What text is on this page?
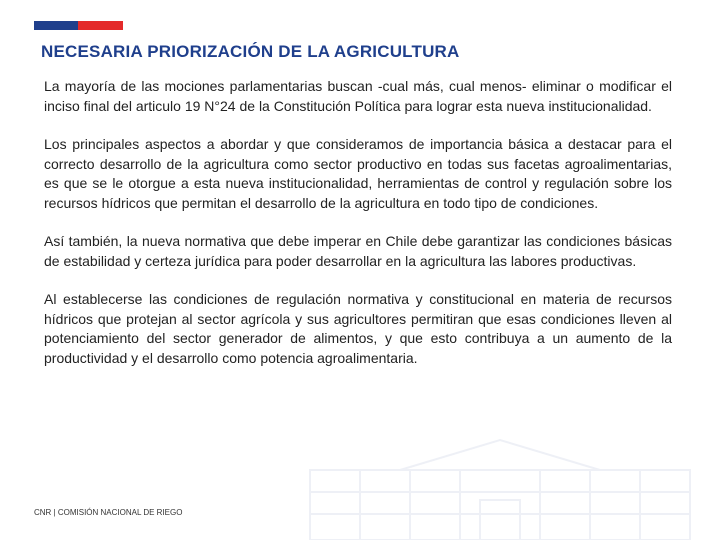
NECESARIA PRIORIZACIÓN DE LA AGRICULTURA

La mayoría de las mociones parlamentarias buscan -cual más, cual menos- eliminar o modificar el inciso final del articulo 19 N°24 de la Constitución Política para lograr esta nueva institucionalidad.

Los principales aspectos a abordar y que consideramos de importancia básica a destacar para el correcto desarrollo de la agricultura como sector productivo en todas sus facetas agroalimentarias, es que se le otorgue a esta nueva institucionalidad, herramientas de control y regulación sobre los recursos hídricos que permitan el desarrollo de la agricultura en todo tipo de condiciones.

Así también, la nueva normativa que debe imperar en Chile debe garantizar las condiciones básicas de estabilidad y certeza jurídica para poder desarrollar en la agricultura las labores productivas.

Al establecerse las condiciones de regulación normativa y constitucional en materia de recursos hídricos que protejan al sector agrícola y sus agricultores permitiran que esas condiciones lleven al potenciamiento del sector generador de alimentos, y que esto contribuya a un aumento de la productividad y el desarrollo como potencia agroalimentaria.

CNR | COMISIÓN NACIONAL DE RIEGO
